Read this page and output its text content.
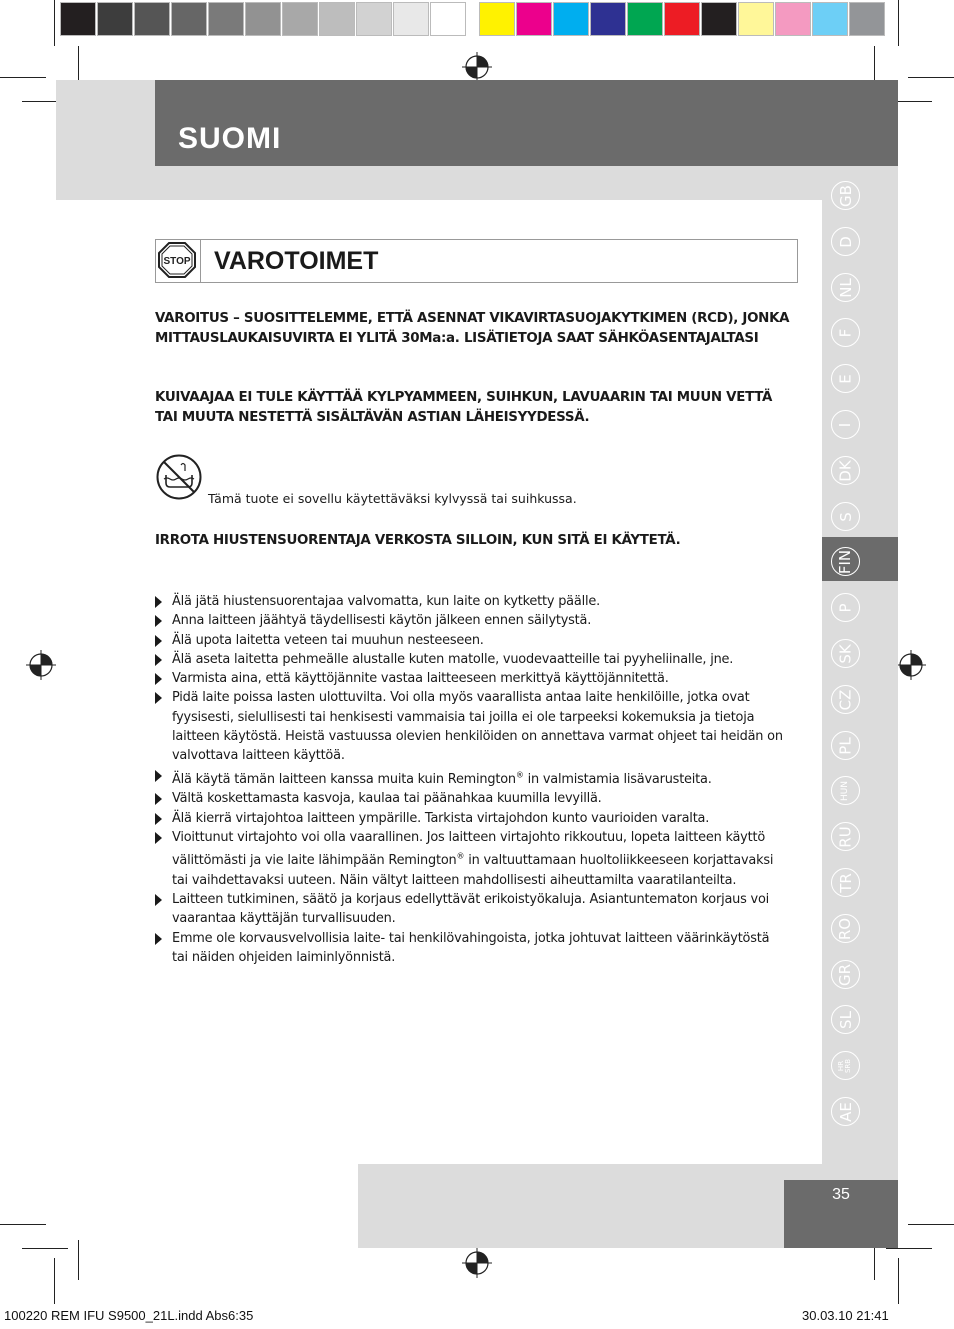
SUOMI
GB
D
NL
F
E
I
DK
S
FIN
P
SK
CZ
PL
HUN
RU
TR
RO
GR
SL
HR
SRB
AE
35
STOP VAROTOIMET
VAROITUS – SUOSITTELEMME, ETTÄ ASENNAT VIKAVIRTASUOJAKYTKIMEN (RCD), JONKA MITTAUSLAUKAISUVIRTA EI YLITÄ 30Ma:a. LISÄTIETOJA SAAT SÄHKÖASENTAJALTASI
KUIVAAJAA EI TULE KÄYTTÄÄ KYLPYAMMEEN, SUIHKUN, LAVUAARIN TAI MUUN VETTÄ TAI MUUTA NESTETTÄ SISÄLTÄVÄN ASTIAN LÄHEISYYDESSÄ.
Tämä tuote ei sovellu käytettäväksi kylvyssä tai suihkussa.
IRROTA HIUSTENSUORENTAJA VERKOSTA SILLOIN, KUN SITÄ EI KÄYTETÄ.
Älä jätä hiustensuorentajaa valvomatta, kun laite on kytketty päälle.
Anna laitteen jäähtyä täydellisesti käytön jälkeen ennen säilytystä.
Älä upota laitetta veteen tai muuhun nesteeseen.
Älä aseta laitetta pehmeälle alustalle kuten matolle, vuodevaatteille tai pyyheliinalle, jne.
Varmista aina, että käyttöjännite vastaa laitteeseen merkittyä käyttöjännitettä.
Pidä laite poissa lasten ulottuvilta. Voi olla myös vaarallista antaa laite henkilöille, jotka ovat fyysisesti, sielullisesti tai henkisesti vammaisia tai joilla ei ole tarpeeksi kokemuksia ja tietoja laitteen käytöstä. Heistä vastuussa olevien henkilöiden on annettava varmat ohjeet tai heidän on valvottava laitteen käyttöä.
Älä käytä tämän laitteen kanssa muita kuin Remington® in valmistamia lisävarusteita.
Vältä koskettamasta kasvoja, kaulaa tai päänahkaa kuumilla levyillä.
Älä kierrä virtajohtoa laitteen ympärille. Tarkista virtajohdon kunto vaurioiden varalta.
Vioittunut virtajohto voi olla vaarallinen. Jos laitteen virtajohto rikkoutuu, lopeta laitteen käyttö välittömästi ja vie laite lähimpään Remington® in valtuuttamaan huoltoliikkeeseen korjattavaksi tai vaihdettavaksi uuteen. Näin vältyt laitteen mahdollisesti aiheuttamilta vaaratilanteilta.
Laitteen tutkiminen, säätö ja korjaus edellyttävät erikoistyökaluja. Asiantuntematon korjaus voi vaarantaa käyttäjän turvallisuuden.
Emme ole korvausvelvollisia laite- tai henkilövahingoista, jotka johtuvat laitteen väärinkäytöstä tai näiden ohjeiden laiminlyönnistä.
100220 REM IFU S9500_21L.indd Abs6:35	30.03.10 21:41
